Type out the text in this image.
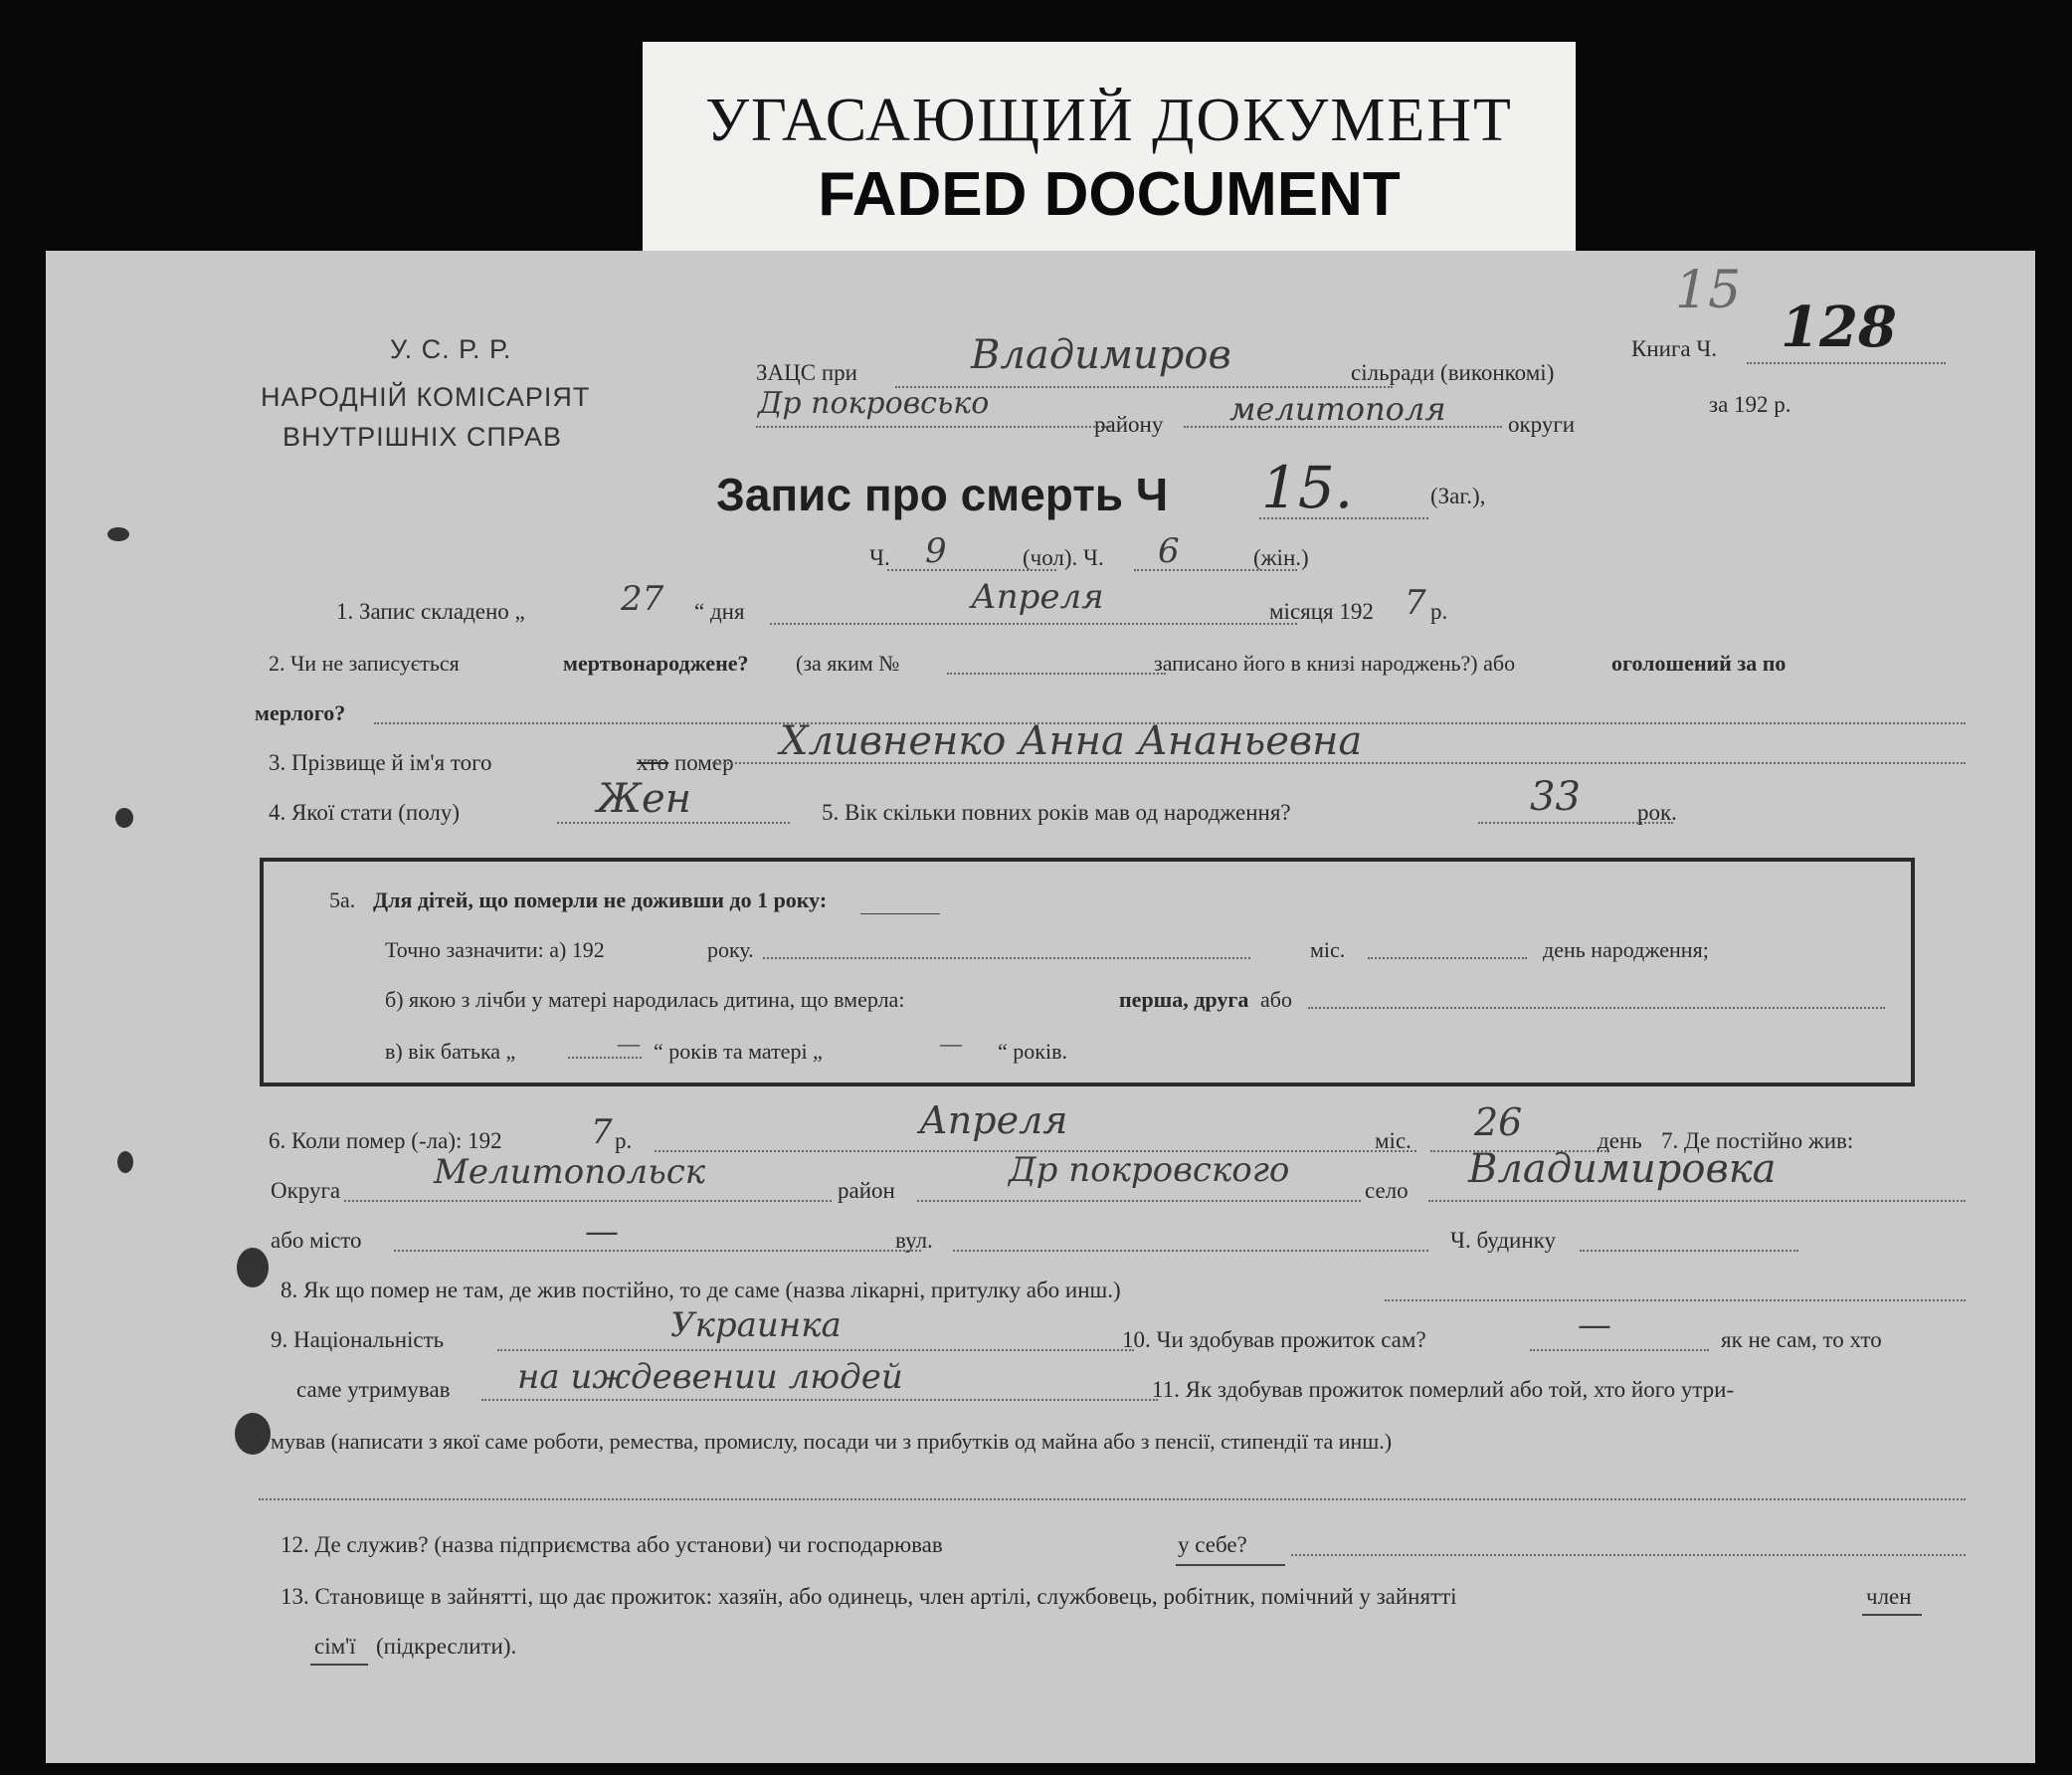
УГАСАЮЩИЙ ДОКУМЕНТ
FADED DOCUMENT
У. С. Р. Р.
НАРОДНІЙ КОМІСАРІЯТ
ВНУТРІШНІХ СПРАВ
ЗАЦС при	Владимиров	сільради (виконкомі)
Др покровсько
району мелитополя	округи
Книга Ч. 128
15
за 192 р.
Запис про смерть Ч 15.	(Заг.),
Ч. 9	(чол). Ч. 6	(жін.)
1. Запис складено „	27 “ дня	Апреля	місяця 192 7 р.
2. Чи не записується	мертвонароджене? (за яким №	записано його в книзі народжень?) або	оголошений за по
мерлого?
3. Прізвище й ім'я того	хто помер Хливненко Анна Ананьевна
4. Якої стати (полу)	Жен	5. Вік скільки повних років мав од народження?	33 рок.
5а. Для дітей, що померли не доживши до 1 року:
Точно зазначити: а) 192	року.	міс.	день народження;
б) якою з лічби у матері народилась дитина, що вмерла:	перша, друга або
в) вік батька „	— “ років та матері „	— “ років.
6. Коли помер (-ла): 192	7 р.	Апреля	міс. 26	день 7. Де постійно жив:
Округа	Мелитопольск	район
Др покровского
село Владимировка
або місто	—	вул.	Ч. будинку
8. Як що помер не там, де жив постійно, то де саме (назва лікарні, притулку або инш.)
9. Національність	Украинка	10. Чи здобував прожиток сам?	—	як не сам, то хто
саме утримував на иждевении людей	11. Як здобував прожиток померлий або той, хто його утри-
мував (написати з якої саме роботи, ремества, промислу, посади чи з прибутків од майна або з пенсії, стипендії та инш.)
12. Де служив? (назва підприємства або установи) чи господарював	у себе?
13. Становище в зайнятті, що дає прожиток: хазяїн, або одинець, член артілі, службовець, робітник, помічний у зайнятті	член
сім'ї (підкреслити).
